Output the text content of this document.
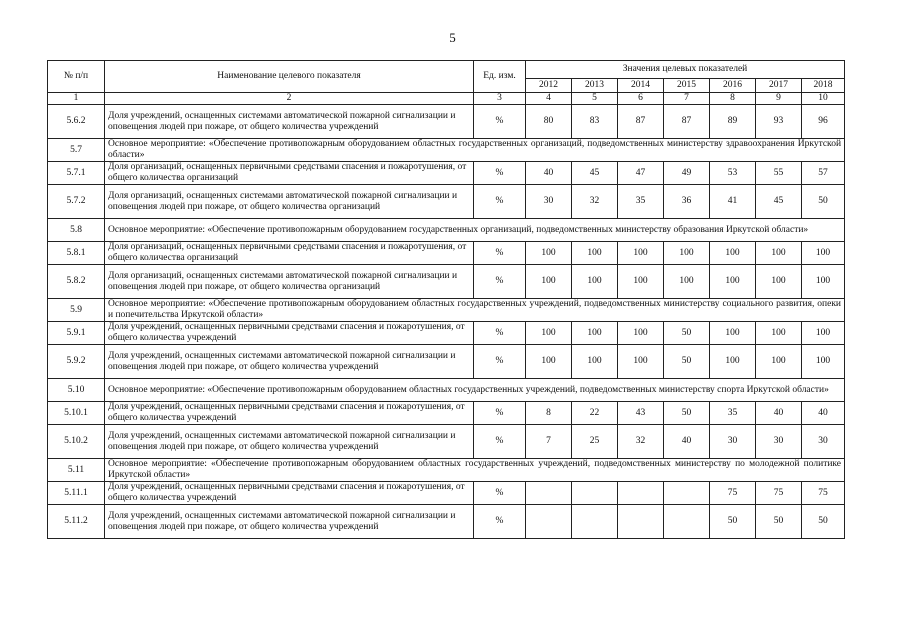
5
№ п/п	Наименование целевого показателя	Ед. изм.	Значения целевых показателей						
			2012	2013	2014	2015	2016	2017	2018
1	2	3	4	5	6	7	8	9	10
5.6.2	Доля учреждений, оснащенных системами автоматической пожарной сигнализации и оповещения людей при пожаре, от общего количества учреждений	%	80	83	87	87	89	93	96
5.7	Основное мероприятие: «Обеспечение противопожарным оборудованием областных государственных организаций, подведомственных министерству здравоохранения Иркутской области»								
5.7.1	Доля организаций, оснащенных первичными средствами спасения и пожаротушения, от общего количества организаций	%	40	45	47	49	53	55	57
5.7.2	Доля организаций, оснащенных системами автоматической пожарной сигнализации и оповещения людей при пожаре, от общего количества организаций	%	30	32	35	36	41	45	50
5.8	Основное мероприятие: «Обеспечение противопожарным оборудованием государственных организаций, подведомственных министерству образования Иркутской области»								
5.8.1	Доля организаций, оснащенных первичными средствами спасения и пожаротушения, от общего количества организаций	%	100	100	100	100	100	100	100
5.8.2	Доля организаций, оснащенных системами автоматической пожарной сигнализации и оповещения людей при пожаре, от общего количества организаций	%	100	100	100	100	100	100	100
5.9	Основное мероприятие: «Обеспечение противопожарным оборудованием областных государственных учреждений, подведомственных министерству социального развития, опеки и попечительства Иркутской области»								
5.9.1	Доля учреждений, оснащенных первичными средствами спасения и пожаротушения, от общего количества учреждений	%	100	100	100	50	100	100	100
5.9.2	Доля учреждений, оснащенных системами автоматической пожарной сигнализации и оповещения людей при пожаре, от общего количества учреждений	%	100	100	100	50	100	100	100
5.10	Основное мероприятие: «Обеспечение противопожарным оборудованием областных государственных учреждений, подведомственных министерству спорта Иркутской области»								
5.10.1	Доля учреждений, оснащенных первичными средствами спасения и пожаротушения, от общего количества учреждений	%	8	22	43	50	35	40	40
5.10.2	Доля учреждений, оснащенных системами автоматической пожарной сигнализации и оповещения людей при пожаре, от общего количества учреждений	%	7	25	32	40	30	30	30
5.11	Основное мероприятие: «Обеспечение противопожарным оборудованием областных государственных учреждений, подведомственных министерству по молодежной политике Иркутской области»								
5.11.1	Доля учреждений, оснащенных первичными средствами спасения и пожаротушения, от общего количества учреждений	%					75	75	75
5.11.2	Доля учреждений, оснащенных системами автоматической пожарной сигнализации и оповещения людей при пожаре, от общего количества учреждений	%					50	50	50
